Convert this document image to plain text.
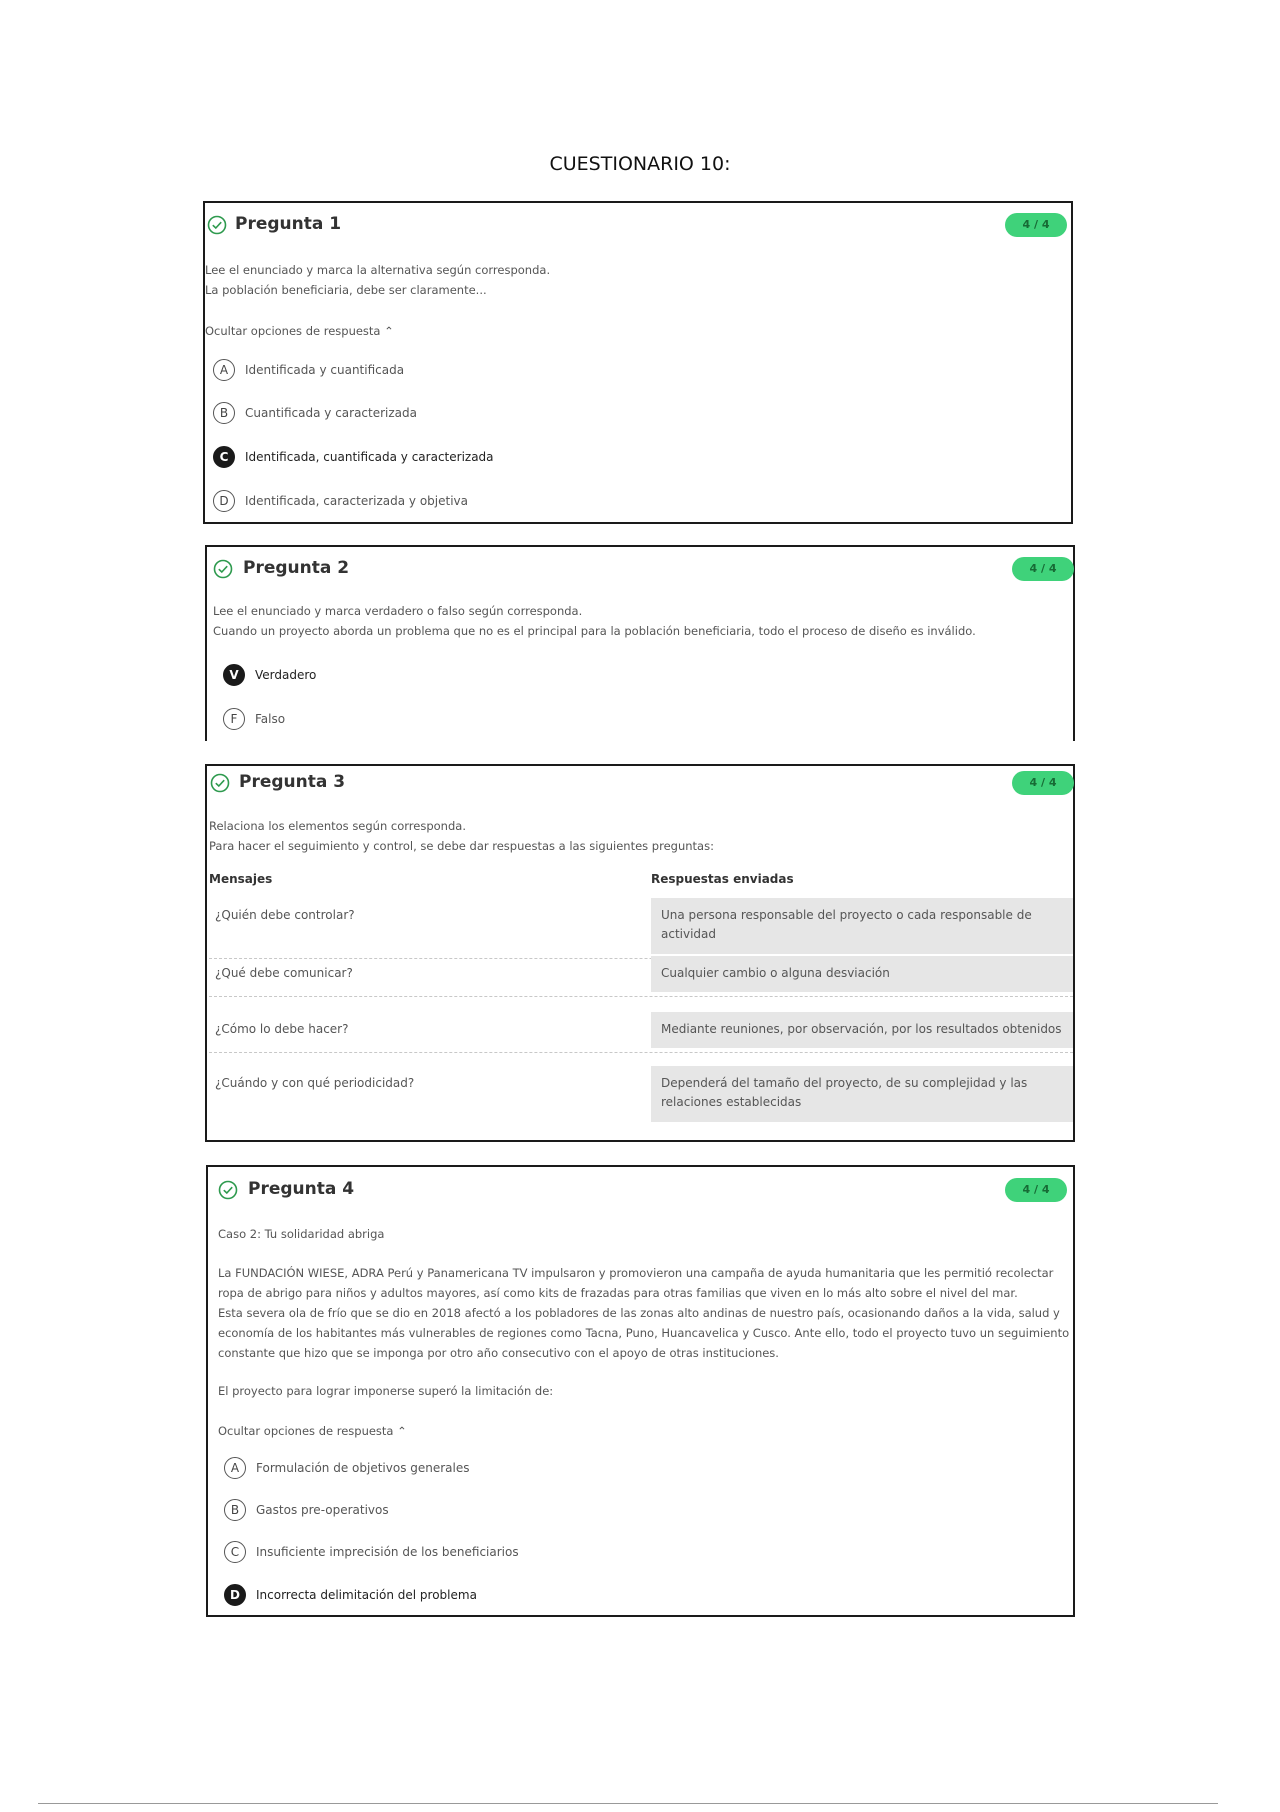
CUESTIONARIO 10:
Pregunta 1	4 / 4
Lee el enunciado y marca la alternativa según corresponda.
La población beneficiaria, debe ser claramente...
Ocultar opciones de respuesta ⌃
A	Identificada y cuantificada
B	Cuantificada y caracterizada
C	Identificada, cuantificada y caracterizada
D	Identificada, caracterizada y objetiva
Pregunta 2	4 / 4
Lee el enunciado y marca verdadero o falso según corresponda.
Cuando un proyecto aborda un problema que no es el principal para la población beneficiaria, todo el proceso de diseño es inválido.
V	Verdadero
F	Falso
Pregunta 3	4 / 4
Relaciona los elementos según corresponda.
Para hacer el seguimiento y control, se debe dar respuestas a las siguientes preguntas:
Mensajes	Respuestas enviadas
¿Quién debe controlar?	Una persona responsable del proyecto o cada responsable de actividad
¿Qué debe comunicar?	Cualquier cambio o alguna desviación
¿Cómo lo debe hacer?	Mediante reuniones, por observación, por los resultados obtenidos
¿Cuándo y con qué periodicidad?	Dependerá del tamaño del proyecto, de su complejidad y las relaciones establecidas
Pregunta 4	4 / 4
Caso 2: Tu solidaridad abriga
La FUNDACIÓN WIESE, ADRA Perú y Panamericana TV impulsaron y promovieron una campaña de ayuda humanitaria que les permitió recolectar
ropa de abrigo para niños y adultos mayores, así como kits de frazadas para otras familias que viven en lo más alto sobre el nivel del mar.
Esta severa ola de frío que se dio en 2018 afectó a los pobladores de las zonas alto andinas de nuestro país, ocasionando daños a la vida, salud y
economía de los habitantes más vulnerables de regiones como Tacna, Puno, Huancavelica y Cusco. Ante ello, todo el proyecto tuvo un seguimiento
constante que hizo que se imponga por otro año consecutivo con el apoyo de otras instituciones.
El proyecto para lograr imponerse superó la limitación de:
Ocultar opciones de respuesta ⌃
A	Formulación de objetivos generales
B	Gastos pre-operativos
C	Insuficiente imprecisión de los beneficiarios
D	Incorrecta delimitación del problema
